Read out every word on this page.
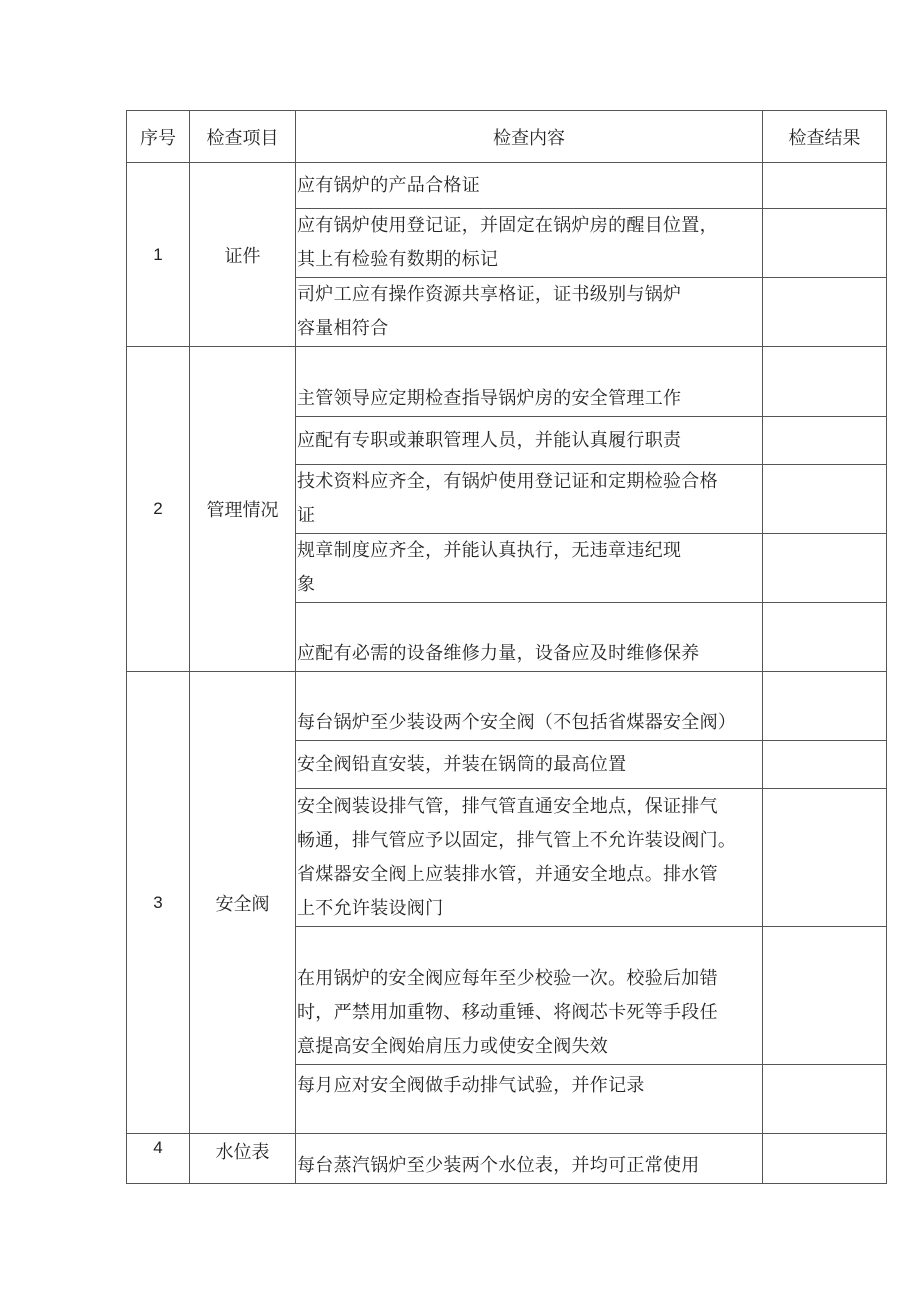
序号	检查项目	检查内容	检查结果
1	证件	应有锅炉的产品合格证	
		应有锅炉使用登记证，并固定在锅炉房的醒目位置，
其上有检验有数期的标记	
		司炉工应有操作资源共享格证，证书级别与锅炉
容量相符合	
2	管理情况	主管领导应定期检查指导锅炉房的安全管理工作	
		应配有专职或兼职管理人员，并能认真履行职责	
		技术资料应齐全，有锅炉使用登记证和定期检验合格
证	
		规章制度应齐全，并能认真执行，无违章违纪现
象	
		应配有必需的设备维修力量，设备应及时维修保养	
3	安全阀	每台锅炉至少装设两个安全阀（不包括省煤器安全阀）	
		安全阀铅直安装，并装在锅筒的最高位置	
		安全阀装设排气管，排气管直通安全地点，保证排气
畅通，排气管应予以固定，排气管上不允许装设阀门。
省煤器安全阀上应装排水管，并通安全地点。排水管
上不允许装设阀门	
		在用锅炉的安全阀应每年至少校验一次。校验后加错
时，严禁用加重物、移动重锤、将阀芯卡死等手段任
意提高安全阀始肩压力或使安全阀失效	
		每月应对安全阀做手动排气试验，并作记录	
4	水位表	每台蒸汽锅炉至少装两个水位表，并均可正常使用	
